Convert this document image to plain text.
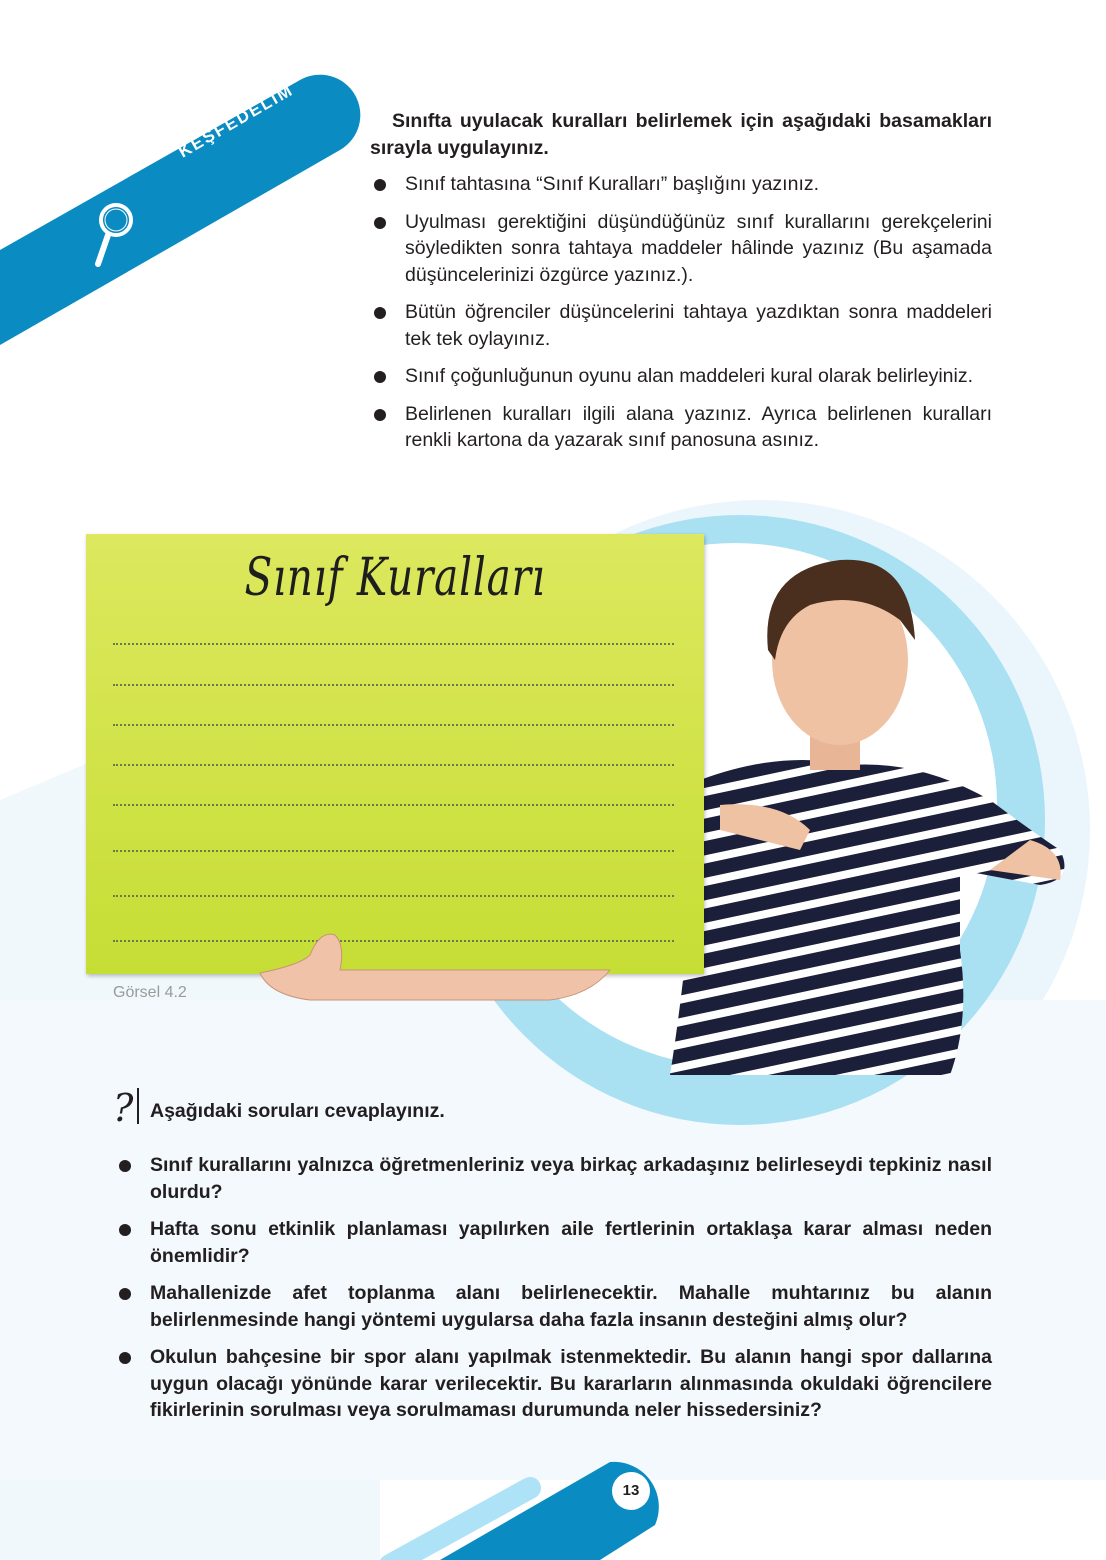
KEŞFEDELİM	Sınıfta uyulacak kuralları belirlemek için aşağıdaki basamakları sırayla uygulayınız.

Sınıf tahtasına “Sınıf Kuralları” başlığını yazınız.
Uyulması gerektiğini düşündüğünüz sınıf kurallarını gerekçelerini söyledikten sonra tahtaya maddeler hâlinde yazınız (Bu aşamada düşüncelerinizi özgürce yazınız.).
Bütün öğrenciler düşüncelerini tahtaya yazdıktan sonra maddeleri tek tek oylayınız.
Sınıf çoğunluğunun oyunu alan maddeleri kural olarak belirleyiniz.
Belirlenen kuralları ilgili alana yazınız. Ayrıca belirlenen kuralları renkli kartona da yazarak sınıf panosuna asınız.
Sınıf Kuralları
Görsel 4.2
? Aşağıdaki soruları cevaplayınız.
Sınıf kurallarını yalnızca öğretmenleriniz veya birkaç arkadaşınız belirleseydi tepkiniz nasıl olurdu?
Hafta sonu etkinlik planlaması yapılırken aile fertlerinin ortaklaşa karar alması neden önemlidir?
Mahallenizde afet toplanma alanı belirlenecektir. Mahalle muhtarınız bu alanın belirlenmesinde hangi yöntemi uygularsa daha fazla insanın desteğini almış olur?
Okulun bahçesine bir spor alanı yapılmak istenmektedir. Bu alanın hangi spor dallarına uygun olacağı yönünde karar verilecektir. Bu kararların alınmasında okuldaki öğrencilere fikirlerinin sorulması veya sorulmaması durumunda neler hissedersiniz?
13
